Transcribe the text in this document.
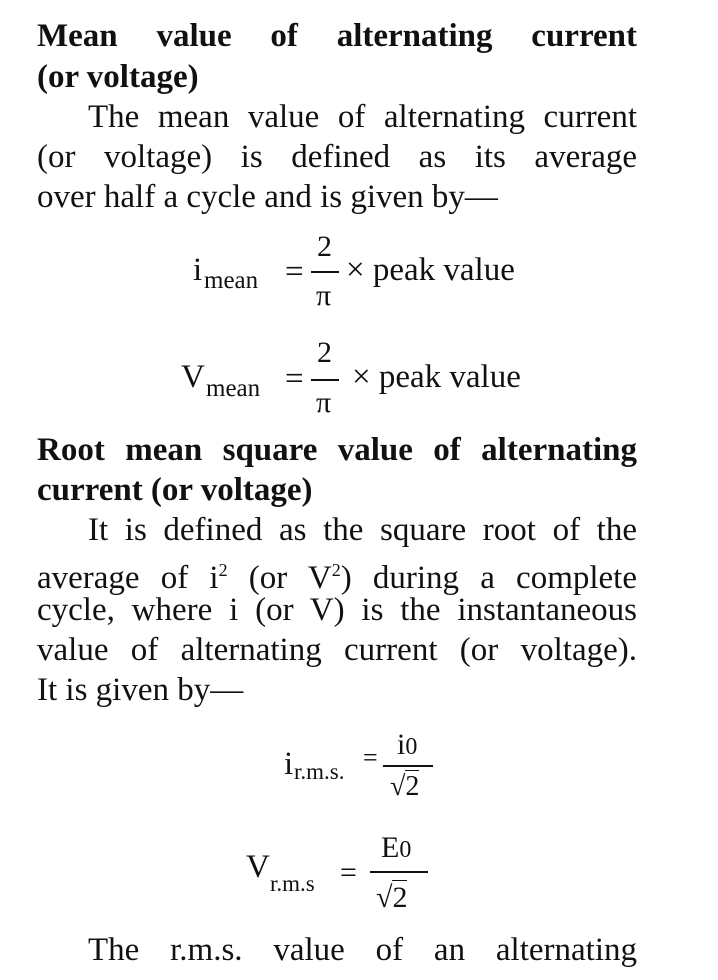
Mean value of alternating current
(or voltage)
The mean value of alternating current
(or voltage) is defined as its average
over half a cycle and is given by—
i mean =
2
π
× peak value
V mean =
2
π
× peak value
Root mean square value of alternating
current (or voltage)
It is defined as the square root of the
average of $i^2$ (or $V^2$) during a complete
cycle, where i (or V) is the instantaneous
value of alternating current (or voltage).
It is given by—
i r.m.s. = i0
√2
V r.m.s =
E0
√2
The r.m.s. value of an alternating
